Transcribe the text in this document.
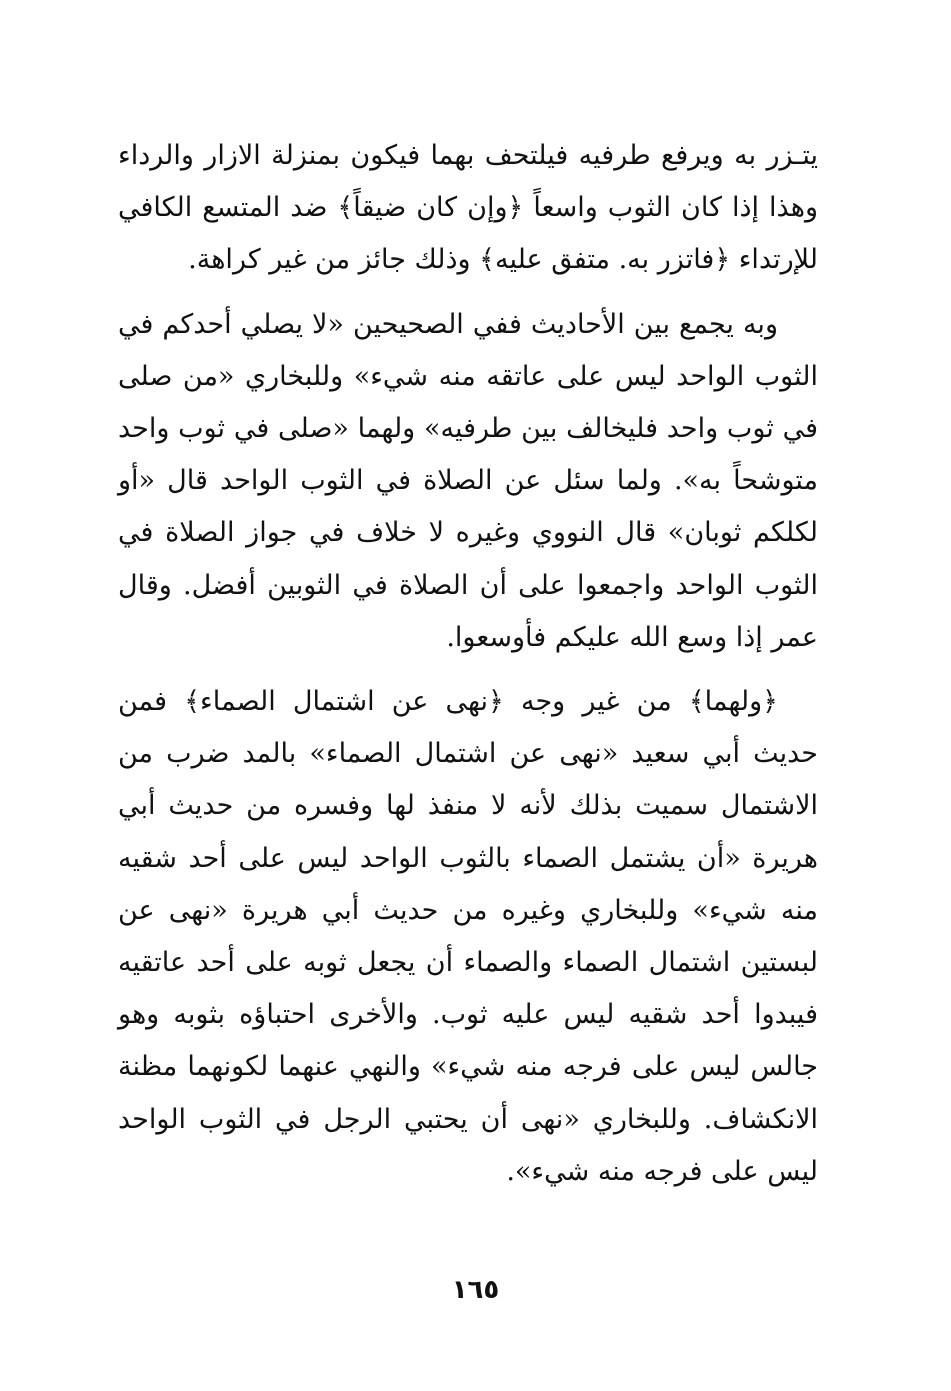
يتـزر به ويرفع طرفيه فيلتحف بهما فيكون بمنزلة الازار والرداء وهذا إذا كان الثوب واسعاً ﴿وإن كان ضيقاً﴾ ضد المتسع الكافي للإرتداء ﴿فاتزر به. متفق عليه﴾ وذلك جائز من غير كراهة.

وبه يجمع بين الأحاديث ففي الصحيحين «لا يصلي أحدكم في الثوب الواحد ليس على عاتقه منه شيء» وللبخاري «من صلى في ثوب واحد فليخالف بين طرفيه» ولهما «صلى في ثوب واحد متوشحاً به». ولما سئل عن الصلاة في الثوب الواحد قال «أو لكلكم ثوبان» قال النووي وغيره لا خلاف في جواز الصلاة في الثوب الواحد واجمعوا على أن الصلاة في الثوبين أفضل. وقال عمر إذا وسع الله عليكم فأوسعوا.

﴿ولهما﴾ من غير وجه ﴿نهى عن اشتمال الصماء﴾ فمن حديث أبي سعيد «نهى عن اشتمال الصماء» بالمد ضرب من الاشتمال سميت بذلك لأنه لا منفذ لها وفسره من حديث أبي هريرة «أن يشتمل الصماء بالثوب الواحد ليس على أحد شقيه منه شيء» وللبخاري وغيره من حديث أبي هريرة «نهى عن لبستين اشتمال الصماء والصماء أن يجعل ثوبه على أحد عاتقيه فيبدوا أحد شقيه ليس عليه ثوب. والأخرى احتباؤه بثوبه وهو جالس ليس على فرجه منه شيء» والنهي عنهما لكونهما مظنة الانكشاف. وللبخاري «نهى أن يحتبي الرجل في الثوب الواحد ليس على فرجه منه شيء».

١٦٥
